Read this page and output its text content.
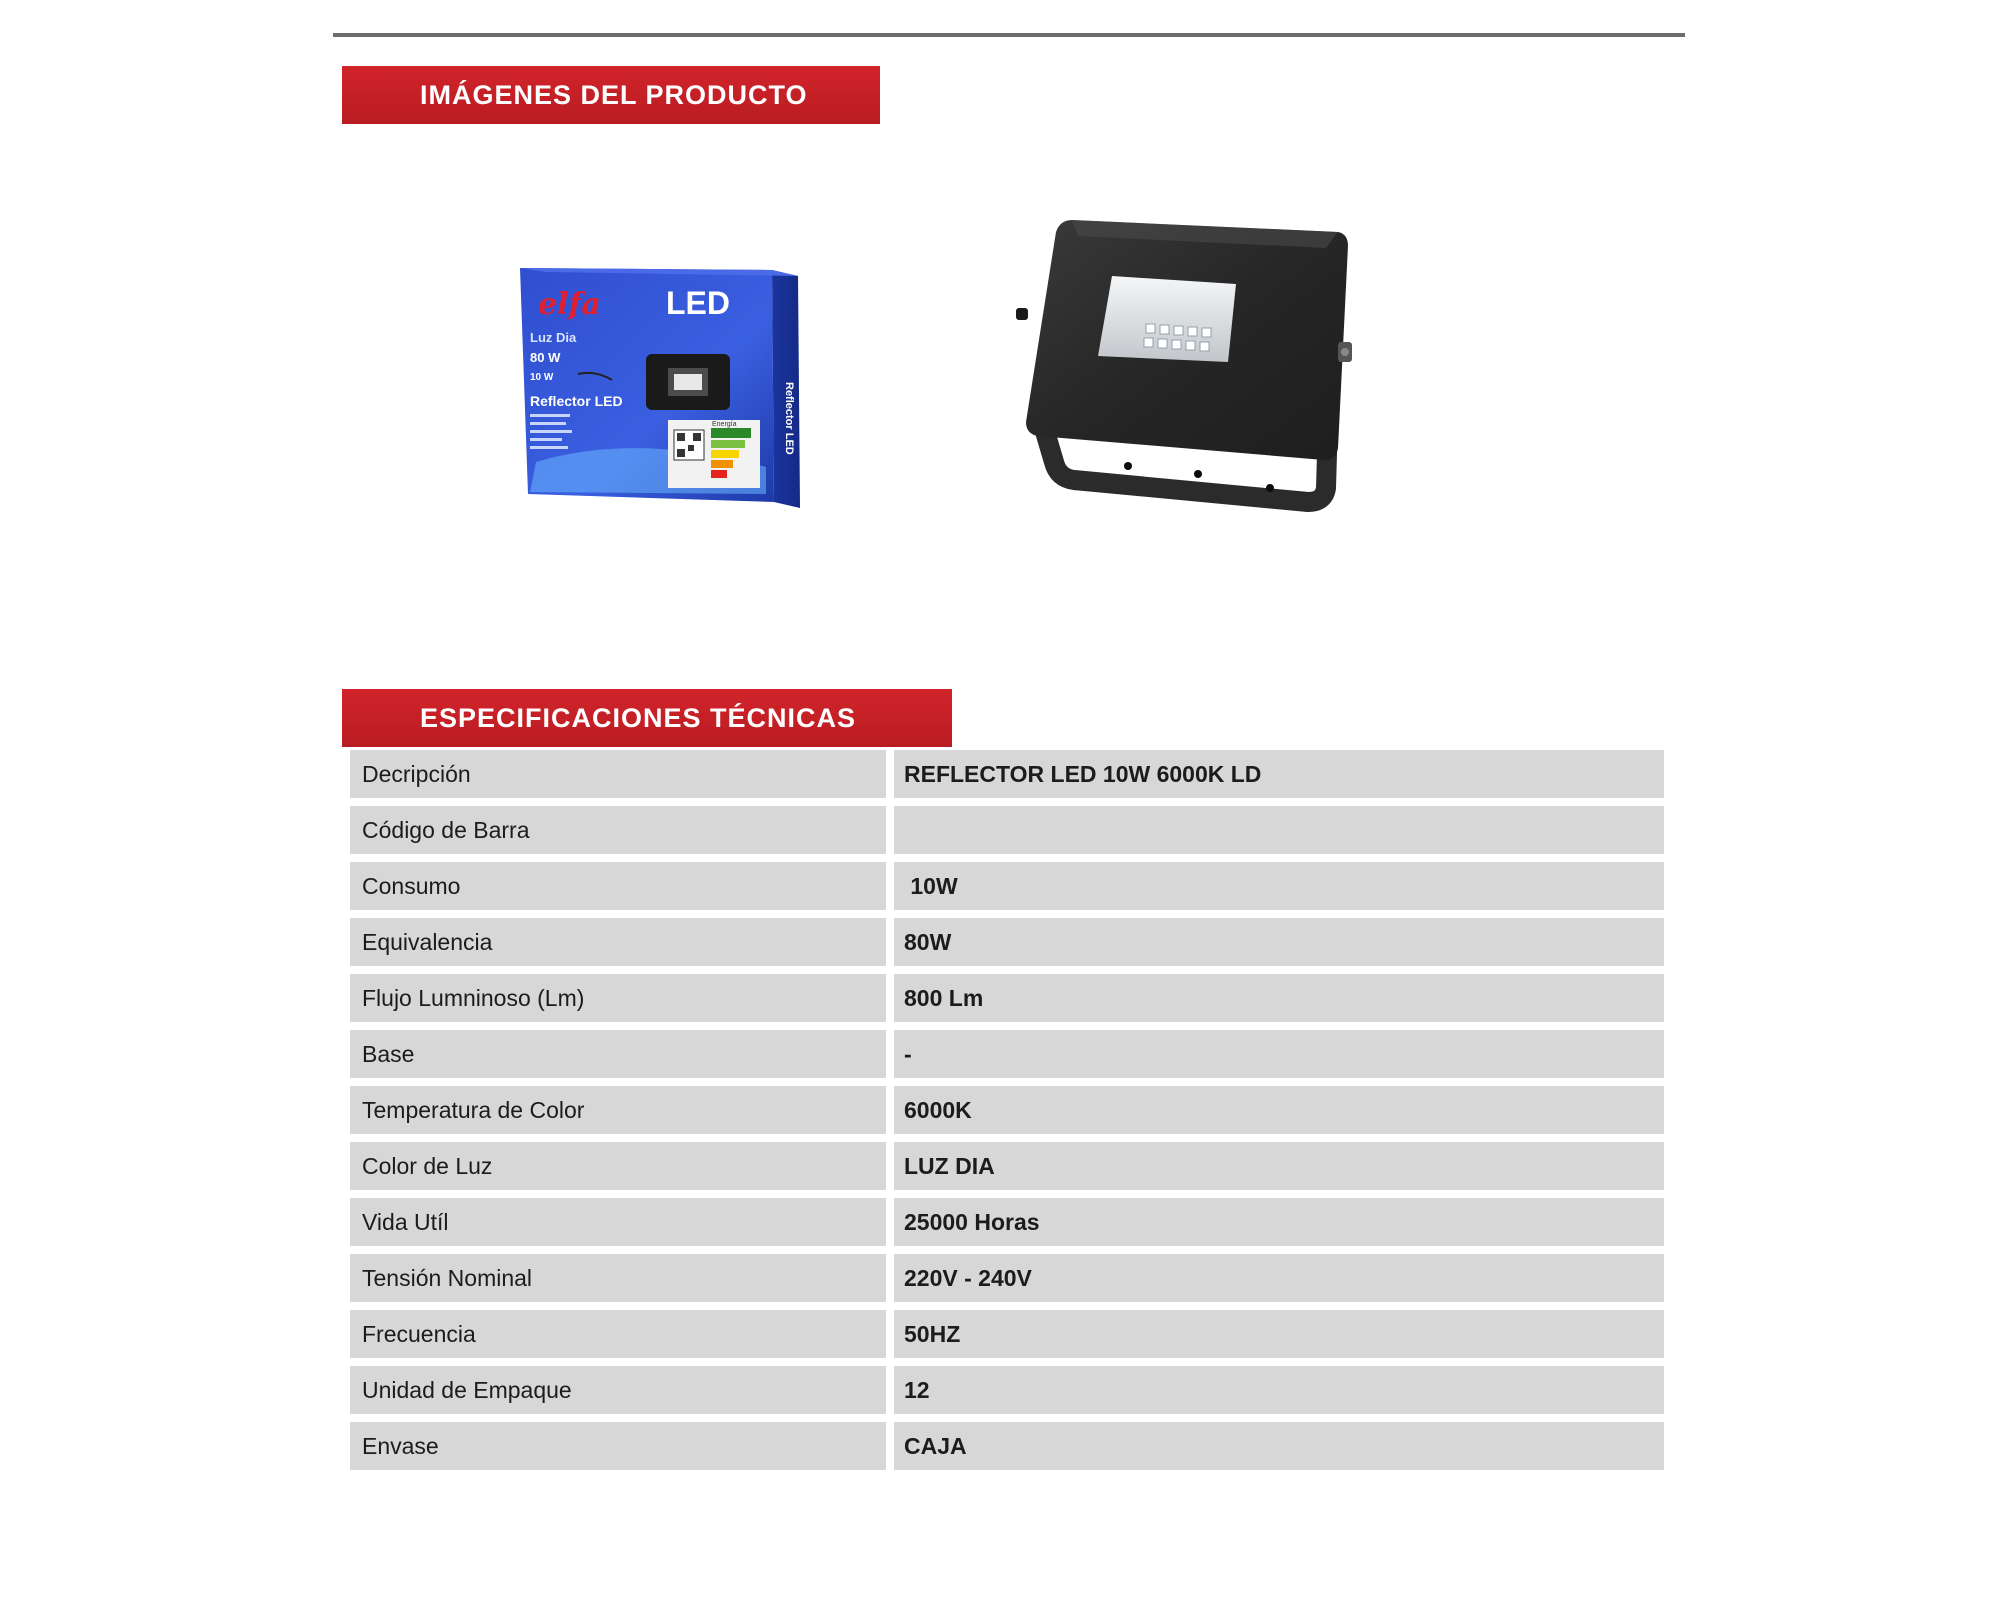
IMÁGENES DEL PRODUCTO
elfa LED
Luz Dia
80 W
10 W
Reflector LED
Energía	Reflector LED
ESPECIFICACIONES TÉCNICAS
Decripción	REFLECTOR LED 10W 6000K LD
Código de Barra
Consumo	10W
Equivalencia	80W
Flujo Lumninoso (Lm)	800 Lm
Base	-
Temperatura de Color	6000K
Color de Luz	LUZ DIA
Vida Utíl	25000 Horas
Tensión Nominal	220V - 240V
Frecuencia	50HZ
Unidad de Empaque	12
Envase	CAJA
